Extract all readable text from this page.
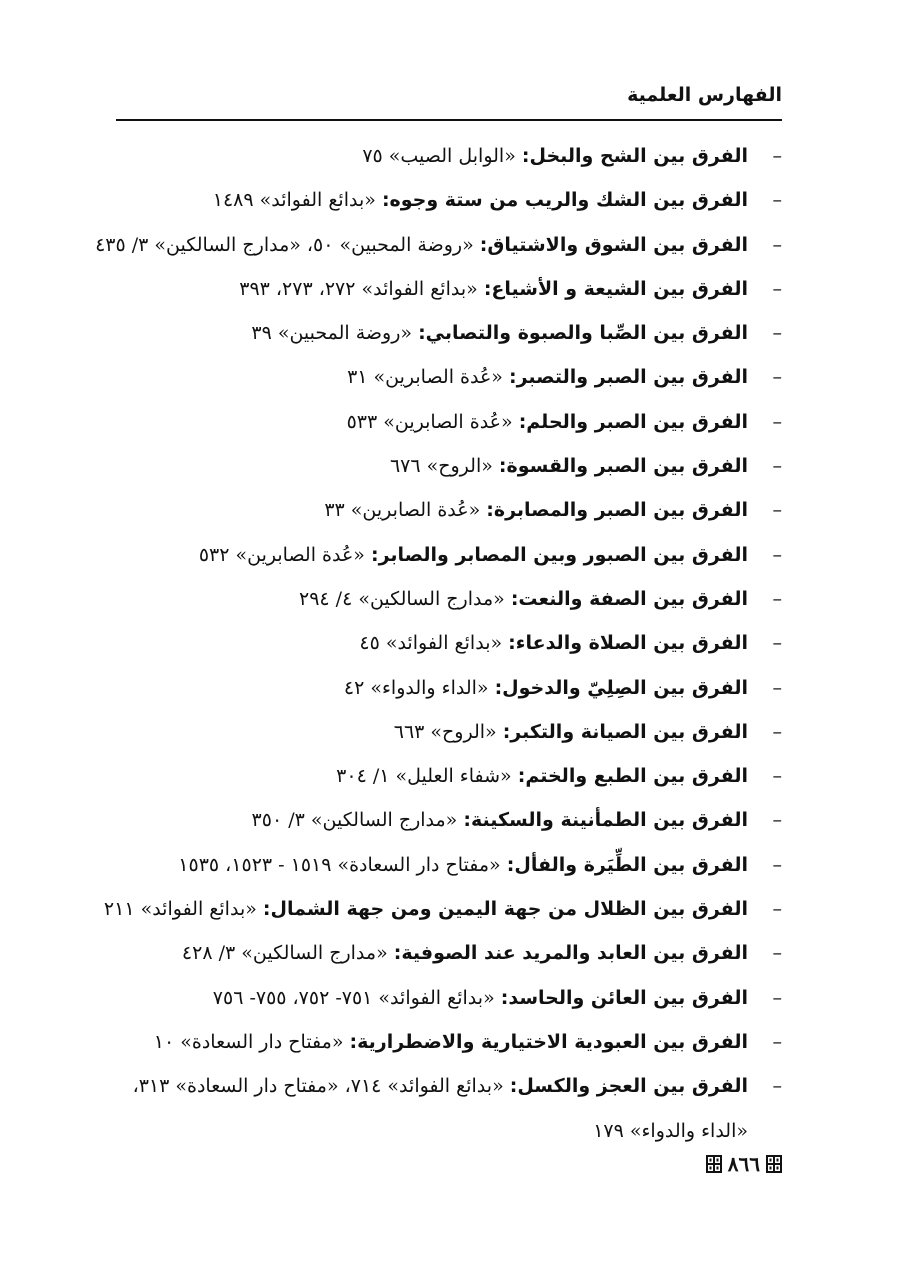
الفهارس العلمية
–
الفرق بين الشح والبخل: «الوابل الصيب» ٧٥
–
الفرق بين الشك والريب من ستة وجوه: «بدائع الفوائد» ١٤٨٩
–
الفرق بين الشوق والاشتياق: «روضة المحبين» ٥٠، «مدارج السالكين» ٣/ ٤٣٥
–
الفرق بين الشيعة و الأشياع: «بدائع الفوائد» ٢٧٢، ٢٧٣، ٣٩٣
–
الفرق بين الصِّبا والصبوة والتصابي: «روضة المحبين» ٣٩
–
الفرق بين الصبر والتصبر: «عُدة الصابرين» ٣١
–
الفرق بين الصبر والحلم: «عُدة الصابرين» ٥٣٣
–
الفرق بين الصبر والقسوة: «الروح» ٦٧٦
–
الفرق بين الصبر والمصابرة: «عُدة الصابرين» ٣٣
–
الفرق بين الصبور وبين المصابر والصابر: «عُدة الصابرين» ٥٣٢
–
الفرق بين الصفة والنعت: «مدارج السالكين» ٤/ ٢٩٤
–
الفرق بين الصلاة والدعاء: «بدائع الفوائد» ٤٥
–
الفرق بين الصِلِيّ والدخول: «الداء والدواء» ٤٢
–
الفرق بين الصيانة والتكبر: «الروح» ٦٦٣
–
الفرق بين الطبع والختم: «شفاء العليل» ١/ ٣٠٤
–
الفرق بين الطمأنينة والسكينة: «مدارج السالكين» ٣/ ٣٥٠
–
الفرق بين الطِّيَرة والفأل: «مفتاح دار السعادة» ١٥١٩ - ١٥٢٣، ١٥٣٥
–
الفرق بين الظلال من جهة اليمين ومن جهة الشمال: «بدائع الفوائد» ٢١١
–
الفرق بين العابد والمريد عند الصوفية: «مدارج السالكين» ٣/ ٤٢٨
–
الفرق بين العائن والحاسد: «بدائع الفوائد» ٧٥١- ٧٥٢، ٧٥٥- ٧٥٦
–
الفرق بين العبودية الاختيارية والاضطرارية: «مفتاح دار السعادة» ١٠
–
الفرق بين العجز والكسل: «بدائع الفوائد» ٧١٤، «مفتاح دار السعادة» ٣١٣، «الداء والدواء» ١٧٩
٨٦٦
